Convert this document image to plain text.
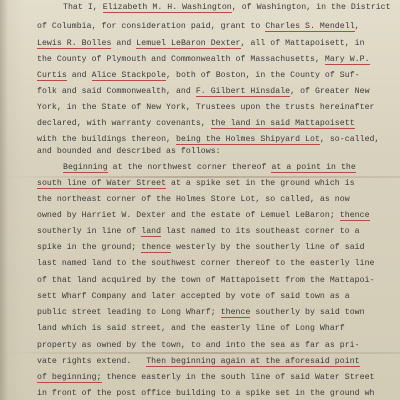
That I, Elizabeth M. H. Washington, of Washington, in the District
of Columbia, for consideration paid, grant to Charles S. Mendell,
Lewis R. Bolles and Lemuel LeBaron Dexter, all of Mattapoisett, in
the County of Plymouth and Commonwealth of Massachusetts, Mary W.P.
Curtis and Alice Stackpole, both of Boston, in the County of Suf-
folk and said Commonwealth, and F. Gilbert Hinsdale, of Greater New
York, in the State of New York, Trustees upon the trusts hereinafter
declared, with warranty covenants, the land in said Mattapoisett
with the buildings thereon, being the Holmes Shipyard Lot, so-called,
and bounded and described as follows:
Beginning at the northwest corner thereof at a point in the
south line of Water Street at a spike set in the ground which is
the northeast corner of the Holmes Store Lot, so called, as now
owned by Harriet W. Dexter and the estate of Lemuel LeBaron; thence
southerly in line of land last named to its southeast corner to a
spike in the ground; thence westerly by the southerly line of said
last named land to the southwest corner thereof to the easterly line
of that land acquired by the town of Mattapoisett from the Mattapoi-
sett Wharf Company and later accepted by vote of said town as a
public street leading to Long Wharf; thence southerly by said town
land which is said street, and the easterly line of Long Wharf
property as owned by the town, to and into the sea as far as pri-
vate rights extend.   Then beginning again at the aforesaid point
of beginning; thence easterly in the south line of said Water Street
in front of the post office building to a spike set in the ground wh
